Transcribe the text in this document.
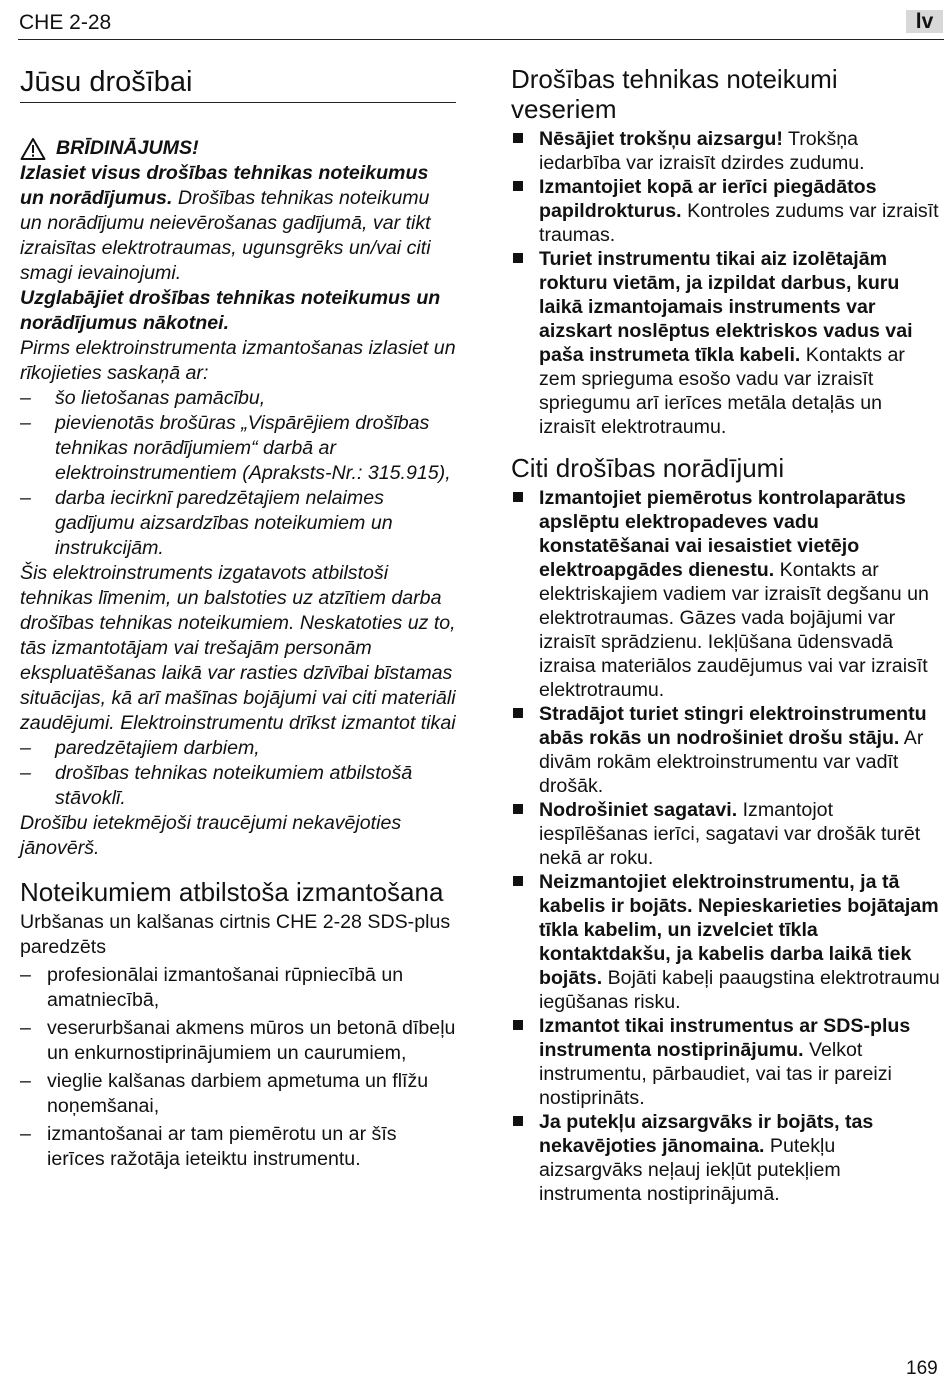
CHE 2-28	lv
Jūsu drošībai
BRĪDINĀJUMS!

Izlasiet visus drošības tehnikas noteikumus un norādījumus. Drošības tehnikas noteikumu un norādījumu neievērošanas gadījumā, var tikt izraisītas elektrotraumas, ugunsgrēks un/vai citi smagi ievainojumi.

Uzglabājiet drošības tehnikas noteikumus un norādījumus nākotnei.

Pirms elektroinstrumenta izmantošanas izlasiet un rīkojieties saskaņā ar:

– šo lietošanas pamācību,
– pievienotās brošūras „Vispārējiem drošības tehnikas norādījumiem“ darbā ar elektroinstrumentiem (Apraksts-Nr.: 315.915),
– darba iecirknī paredzētajiem nelaimes gadījumu aizsardzības noteikumiem un instrukcijām.

Šis elektroinstruments izgatavots atbilstoši tehnikas līmenim, un balstoties uz atzītiem darba drošības tehnikas noteikumiem. Neskatoties uz to, tās izmantotājam vai trešajām personām ekspluatēšanas laikā var rasties dzīvībai bīstamas situācijas, kā arī mašīnas bojājumi vai citi materiāli zaudējumi. Elektroinstrumentu drīkst izmantot tikai

– paredzētajiem darbiem,
– drošības tehnikas noteikumiem atbilstošā stāvoklī.

Drošību ietekmējoši traucējumi nekavējoties jānovērš.

Noteikumiem atbilstoša izmantošana

Urbšanas un kalšanas cirtnis CHE 2-28 SDS-plus paredzēts

– profesionālai izmantošanai rūpniecībā un amatniecībā,
– veserurbšanai akmens mūros un betonā dībeļu un enkurnostiprinājumiem un caurumiem,
– vieglie kalšanas darbiem apmetuma un flīžu noņemšanai,
– izmantošanai ar tam piemērotu un ar šīs ierīces ražotāja ieteiktu instrumentu.
Drošības tehnikas noteikumi veseriem
Nēsājiet trokšņu aizsargu! Trokšņa iedarbība var izraisīt dzirdes zudumu.
Izmantojiet kopā ar ierīci piegādātos papildrokturus. Kontroles zudums var izraisīt traumas.
Turiet instrumentu tikai aiz izolētajām rokturu vietām, ja izpildat darbus, kuru laikā izmantojamais instruments var aizskart noslēptus elektriskos vadus vai paša instrumeta tīkla kabeli. Kontakts ar zem sprieguma esošo vadu var izraisīt spriegumu arī ierīces metāla detaļās un izraisīt elektrotraumu.
Citi drošības norādījumi
Izmantojiet piemērotus kontrolaparātus apslēptu elektropadeves vadu konstatēšanai vai iesaistiet vietējo elektroapgādes dienestu. Kontakts ar elektriskajiem vadiem var izraisīt degšanu un elektrotraumas. Gāzes vada bojājumi var izraisīt sprādzienu. Iekļūšana ūdensvadā izraisa materiālos zaudējumus vai var izraisīt elektrotraumu.
Stradājot turiet stingri elektroinstrumentu abās rokās un nodrošiniet drošu stāju. Ar divām rokām elektroinstrumentu var vadīt drošāk.
Nodrošiniet sagatavi. Izmantojot iespīlēšanas ierīci, sagatavi var drošāk turēt nekā ar roku.
Neizmantojiet elektroinstrumentu, ja tā kabelis ir bojāts. Nepieskarieties bojātajam tīkla kabelim, un izvelciet tīkla kontaktdakšu, ja kabelis darba laikā tiek bojāts. Bojāti kabeļi paaugstina elektrotraumu iegūšanas risku.
Izmantot tikai instrumentus ar SDS-plus instrumenta nostiprinājumu. Velkot instrumentu, pārbaudiet, vai tas ir pareizi nostiprināts.
Ja putekļu aizsargvāks ir bojāts, tas nekavējoties jānomaina. Putekļu aizsargvāks neļauj iekļūt putekļiem instrumenta nostiprinājumā.
169
